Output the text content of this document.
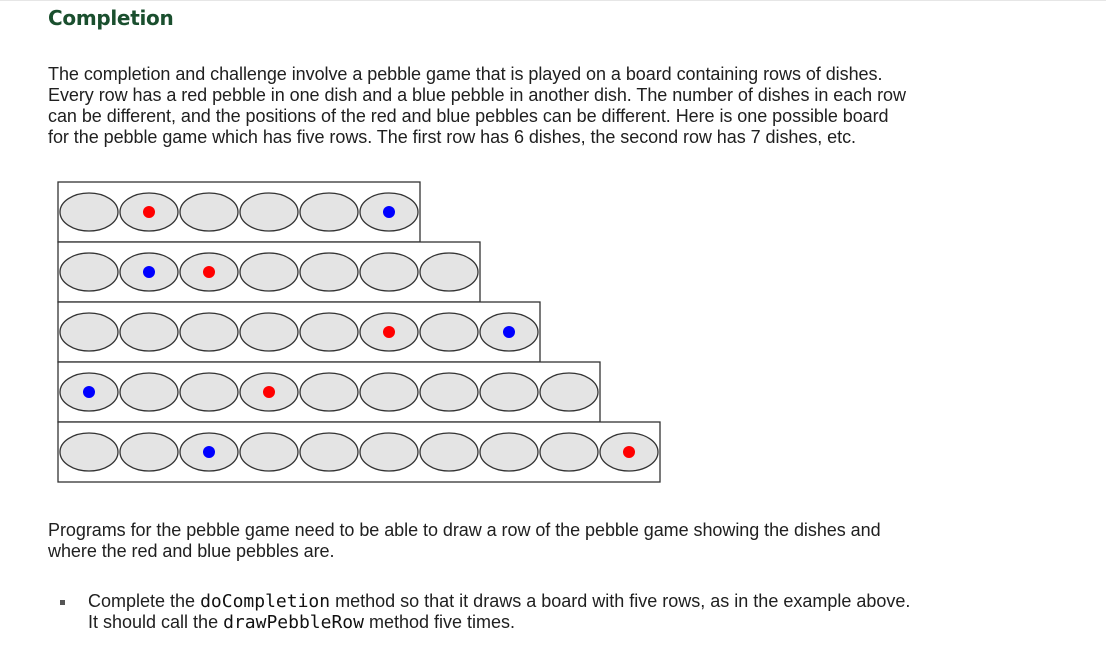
Completion

The completion and challenge involve a pebble game that is played on a board containing rows of dishes.
Every row has a red pebble in one dish and a blue pebble in another dish. The number of dishes in each row
can be different, and the positions of the red and blue pebbles can be different. Here is one possible board
for the pebble game which has five rows. The first row has 6 dishes, the second row has 7 dishes, etc.

Programs for the pebble game need to be able to draw a row of the pebble game showing the dishes and
where the red and blue pebbles are.

Complete the doCompletion method so that it draws a board with five rows, as in the example above.
It should call the drawPebbleRow method five times.
